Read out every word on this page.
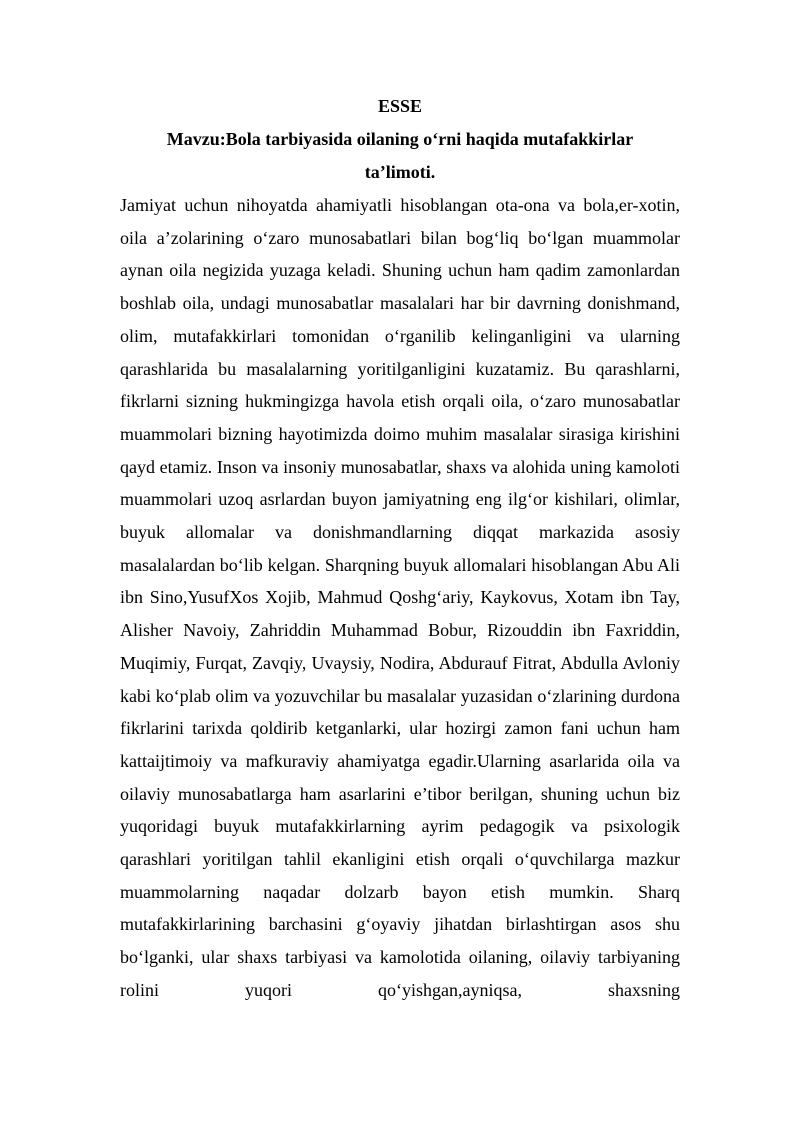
ESSE
Mavzu:Bola tarbiyasida oilaning o‘rni haqida mutafakkirlar ta’limoti.

Jamiyat uchun nihoyatda ahamiyatli hisoblangan ota-ona va bola,er-xotin, oila a’zolarining o‘zaro munosabatlari bilan bog‘liq bo‘lgan muammolar aynan oila negizida yuzaga keladi. Shuning uchun ham qadim zamonlardan boshlab oila, undagi munosabatlar masalalari har bir davrning donishmand, olim, mutafakkirlari tomonidan o‘rganilib kelinganligini va ularning qarashlarida bu masalalarning yoritilganligini kuzatamiz. Bu qarashlarni, fikrlarni sizning hukmingizga havola etish orqali oila, o‘zaro munosabatlar muammolari bizning hayotimizda doimo muhim masalalar sirasiga kirishini qayd etamiz. Inson va insoniy munosabatlar, shaxs va alohida uning kamoloti muammolari uzoq asrlardan buyon jamiyatning eng ilg‘or kishilari, olimlar, buyuk allomalar va donishmandlarning diqqat markazida asosiy masalalardan bo‘lib kelgan. Sharqning buyuk allomalari hisoblangan Abu Ali ibn Sino,YusufXos Xojib, Mahmud Qoshg‘ariy, Kaykovus, Xotam ibn Tay, Alisher Navoiy, Zahriddin Muhammad Bobur, Rizouddin ibn Faxriddin, Muqimiy, Furqat, Zavqiy, Uvaysiy, Nodira, Abdurauf Fitrat, Abdulla Avloniy kabi ko‘plab olim va yozuvchilar bu masalalar yuzasidan o‘zlarining durdona fikrlarini tarixda qoldirib ketganlarki, ular hozirgi zamon fani uchun ham kattaijtimoiy va mafkuraviy ahamiyatga egadir.Ularning asarlarida oila va oilaviy munosabatlarga ham asarlarini e’tibor berilgan, shuning uchun biz yuqoridagi buyuk mutafakkirlarning ayrim pedagogik va psixologik qarashlari yoritilgan tahlil ekanligini etish orqali o‘quvchilarga mazkur muammolarning naqadar dolzarb bayon etish mumkin. Sharq mutafakkirlarining barchasini g‘oyaviy jihatdan birlashtirgan asos shu bo‘lganki, ular shaxs tarbiyasi va kamolotida oilaning, oilaviy tarbiyaning rolini yuqori qo‘yishgan,ayniqsa, shaxsning
